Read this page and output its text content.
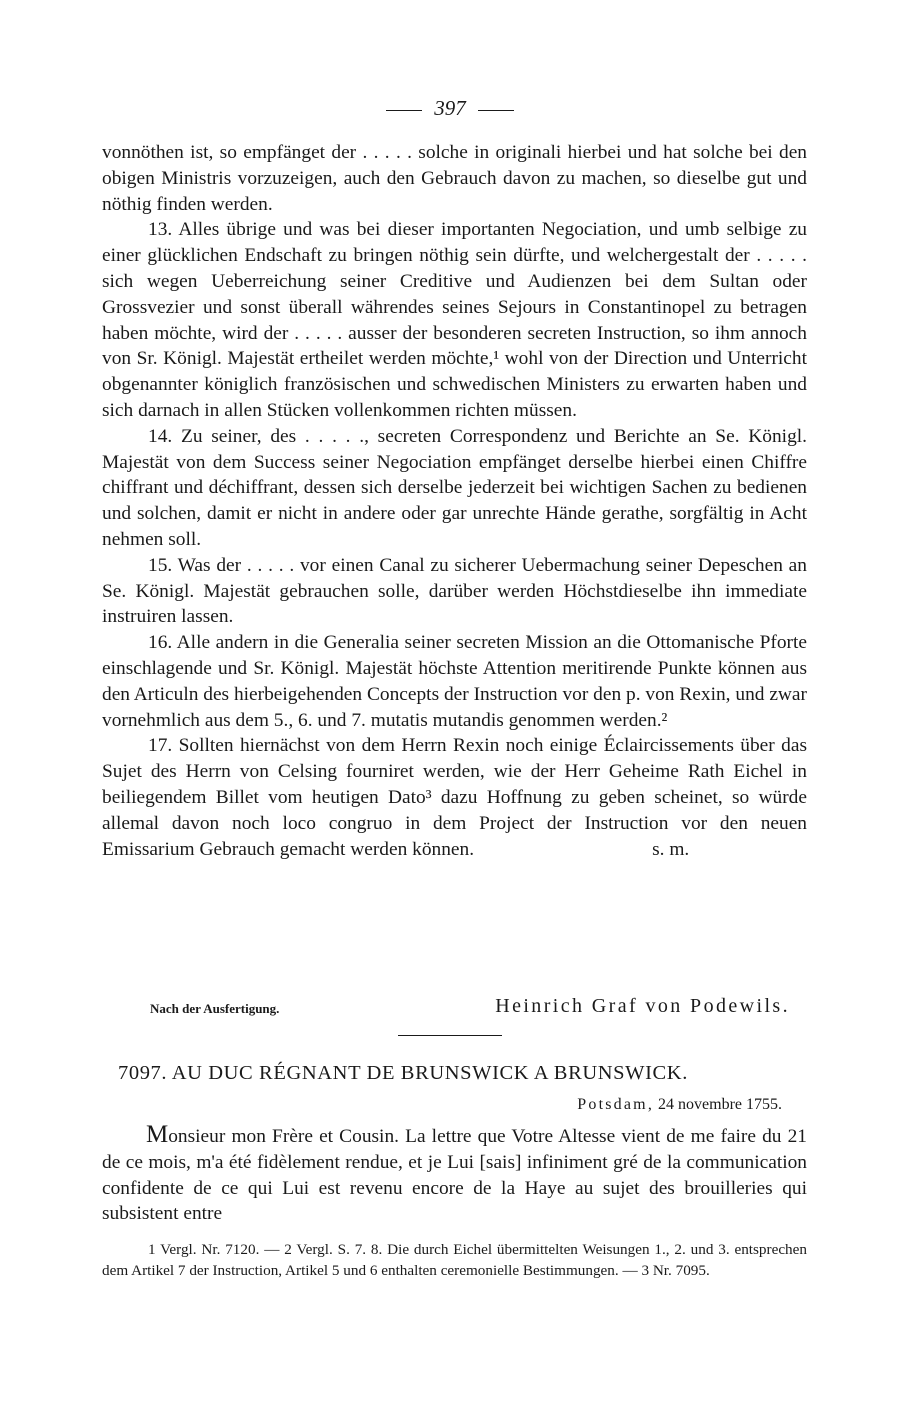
397

vonnöthen ist, so empfänget der . . . . . solche in originali hierbei und hat solche bei den obigen Ministris vorzuzeigen, auch den Gebrauch davon zu machen, so dieselbe gut und nöthig finden werden.

13. Alles übrige und was bei dieser importanten Negociation, und umb selbige zu einer glücklichen Endschaft zu bringen nöthig sein dürfte, und welchergestalt der . . . . . sich wegen Ueberreichung seiner Creditive und Audienzen bei dem Sultan oder Grossvezier und sonst überall währendes seines Sejours in Constantinopel zu betragen haben möchte, wird der . . . . . ausser der besonderen secreten Instruction, so ihm annoch von Sr. Königl. Majestät ertheilet werden möchte,¹ wohl von der Direction und Unterricht obgenannter königlich französischen und schwedischen Ministers zu erwarten haben und sich darnach in allen Stücken vollenkommen richten müssen.

14. Zu seiner, des . . . . ., secreten Correspondenz und Berichte an Se. Königl. Majestät von dem Success seiner Negociation empfänget derselbe hierbei einen Chiffre chiffrant und déchiffrant, dessen sich derselbe jederzeit bei wichtigen Sachen zu bedienen und solchen, damit er nicht in andere oder gar unrechte Hände gerathe, sorgfältig in Acht nehmen soll.

15. Was der . . . . . vor einen Canal zu sicherer Uebermachung seiner Depeschen an Se. Königl. Majestät gebrauchen solle, darüber werden Höchstdieselbe ihn immediate instruiren lassen.

16. Alle andern in die Generalia seiner secreten Mission an die Ottomanische Pforte einschlagende und Sr. Königl. Majestät höchste Attention meritirende Punkte können aus den Articuln des hierbeigehenden Concepts der Instruction vor den p. von Rexin, und zwar vornehmlich aus dem 5., 6. und 7. mutatis mutandis genommen werden.²

17. Sollten hiernächst von dem Herrn Rexin noch einige Éclaircissements über das Sujet des Herrn von Celsing fourniret werden, wie der Herr Geheime Rath Eichel in beiliegendem Billet vom heutigen Dato³ dazu Hoffnung zu geben scheinet, so würde allemal davon noch loco congruo in dem Project der Instruction vor den neuen Emissarium Gebrauch gemacht werden können.	s. m.

Nach der Ausfertigung.	Heinrich Graf von Podewils.
7097. AU DUC RÉGNANT DE BRUNSWICK A BRUNSWICK.
Potsdam, 24 novembre 1755.

Monsieur mon Frère et Cousin. La lettre que Votre Altesse vient de me faire du 21 de ce mois, m'a été fidèlement rendue, et je Lui [sais] infiniment gré de la communication confidente de ce qui Lui est revenu encore de la Haye au sujet des brouilleries qui subsistent entre

1 Vergl. Nr. 7120. — 2 Vergl. S. 7. 8. Die durch Eichel übermittelten Weisungen 1., 2. und 3. entsprechen dem Artikel 7 der Instruction, Artikel 5 und 6 enthalten ceremonielle Bestimmungen. — 3 Nr. 7095.
